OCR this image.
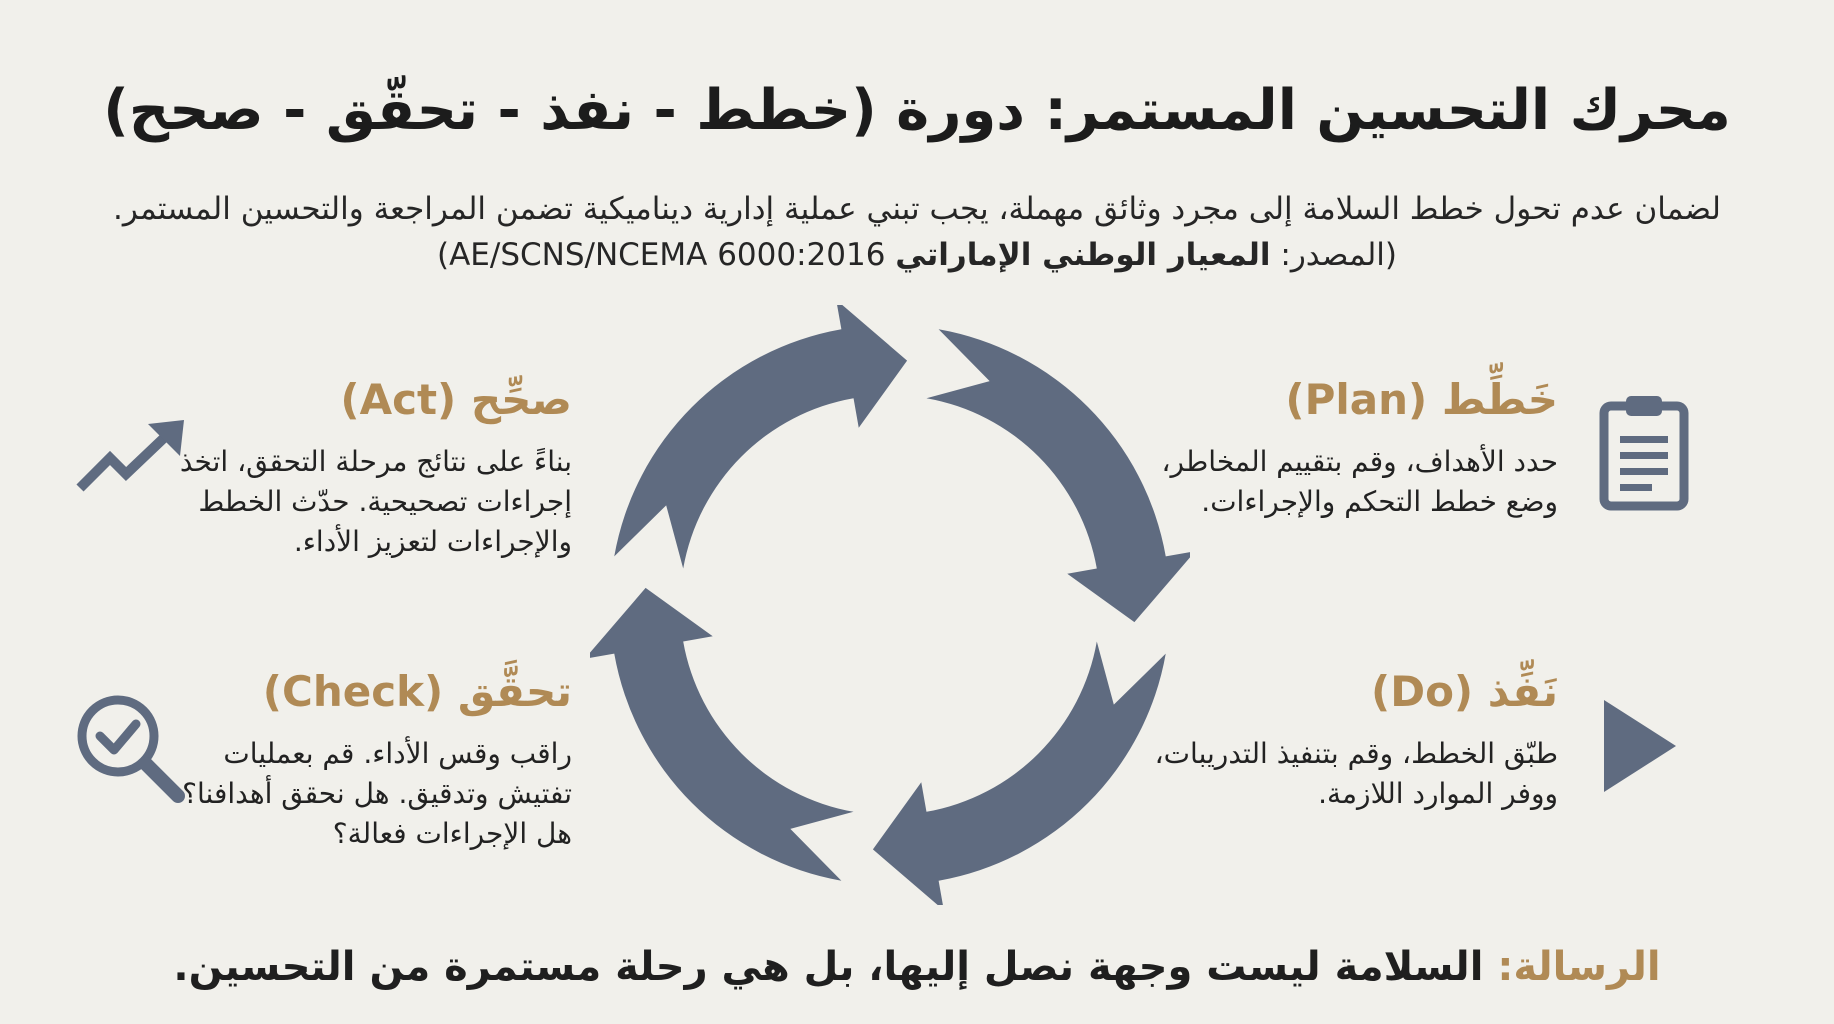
محرك التحسين المستمر: دورة (خطط - نفذ - تحقّق - صحح)
لضمان عدم تحول خطط السلامة إلى مجرد وثائق مهملة، يجب تبني عملية إدارية ديناميكية تضمن المراجعة والتحسين المستمر.
(المصدر: المعيار الوطني الإماراتي AE/SCNS/NCEMA 6000:2016)
خَطِّط (Plan)
حدد الأهداف، وقم بتقييم المخاطر، وضع خطط التحكم والإجراءات.
نَفِّذ (Do)
طبّق الخطط، وقم بتنفيذ التدريبات، ووفر الموارد اللازمة.
صحِّح (Act)
بناءً على نتائج مرحلة التحقق، اتخذ إجراءات تصحيحية. حدّث الخطط والإجراءات لتعزيز الأداء.
تحقَّق (Check)
راقب وقس الأداء. قم بعمليات تفتيش وتدقيق. هل نحقق أهدافنا؟ هل الإجراءات فعالة؟
الرسالة: السلامة ليست وجهة نصل إليها، بل هي رحلة مستمرة من التحسين.
